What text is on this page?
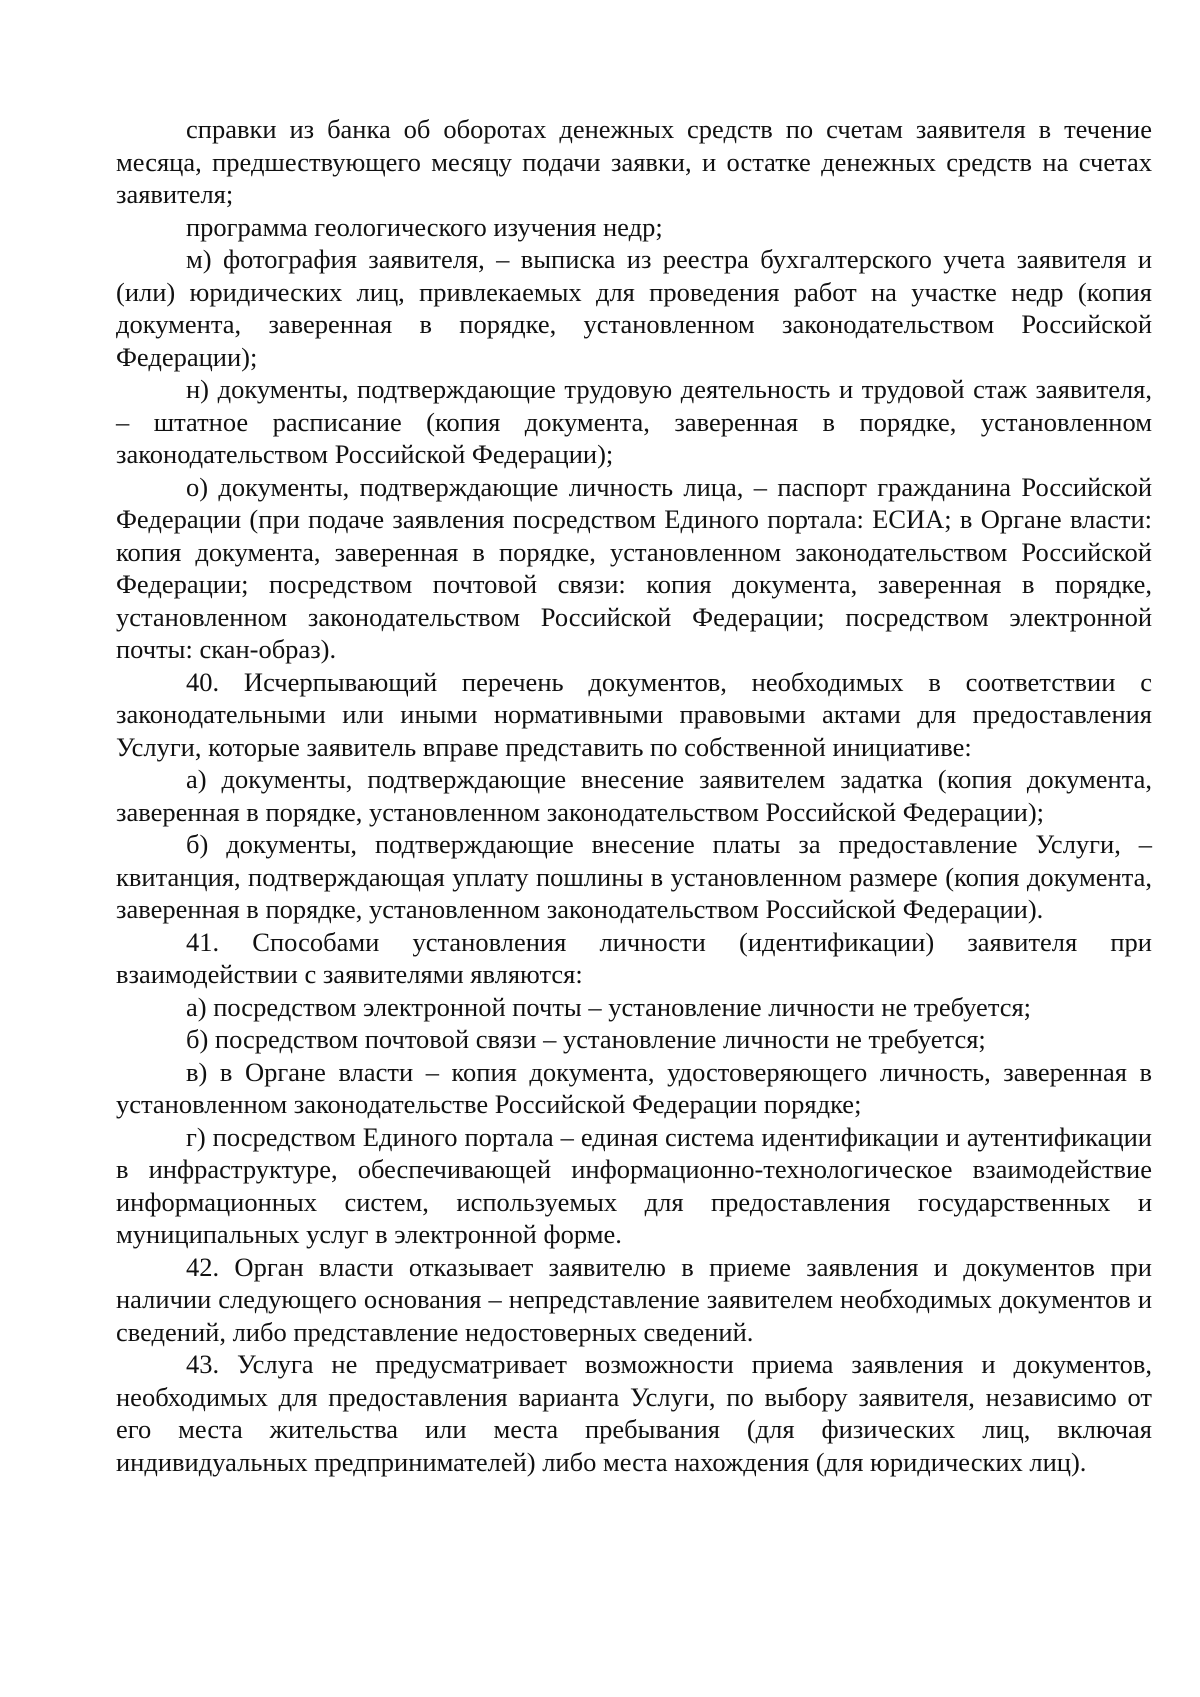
справки из банка об оборотах денежных средств по счетам заявителя в течение месяца, предшествующего месяцу подачи заявки, и остатке денежных средств на счетах заявителя;

программа геологического изучения недр;

м) фотография заявителя, – выписка из реестра бухгалтерского учета заявителя и (или) юридических лиц, привлекаемых для проведения работ на участке недр (копия документа, заверенная в порядке, установленном законодательством Российской Федерации);

н) документы, подтверждающие трудовую деятельность и трудовой стаж заявителя, – штатное расписание (копия документа, заверенная в порядке, установленном законодательством Российской Федерации);

о) документы, подтверждающие личность лица, – паспорт гражданина Российской Федерации (при подаче заявления посредством Единого портала: ЕСИА; в Органе власти: копия документа, заверенная в порядке, установленном законодательством Российской Федерации; посредством почтовой связи: копия документа, заверенная в порядке, установленном законодательством Российской Федерации; посредством электронной почты: скан-образ).

40. Исчерпывающий перечень документов, необходимых в соответствии с законодательными или иными нормативными правовыми актами для предоставления Услуги, которые заявитель вправе представить по собственной инициативе:

а) документы, подтверждающие внесение заявителем задатка (копия документа, заверенная в порядке, установленном законодательством Российской Федерации);

б) документы, подтверждающие внесение платы за предоставление Услуги, – квитанция, подтверждающая уплату пошлины в установленном размере (копия документа, заверенная в порядке, установленном законодательством Российской Федерации).

41. Способами установления личности (идентификации) заявителя при взаимодействии с заявителями являются:

а) посредством электронной почты – установление личности не требуется;

б) посредством почтовой связи – установление личности не требуется;

в) в Органе власти – копия документа, удостоверяющего личность, заверенная в установленном законодательстве Российской Федерации порядке;

г) посредством Единого портала – единая система идентификации и аутентификации в инфраструктуре, обеспечивающей информационно-технологическое взаимодействие информационных систем, используемых для предоставления государственных и муниципальных услуг в электронной форме.

42. Орган власти отказывает заявителю в приеме заявления и документов при наличии следующего основания – непредставление заявителем необходимых документов и сведений, либо представление недостоверных сведений.

43. Услуга не предусматривает возможности приема заявления и документов, необходимых для предоставления варианта Услуги, по выбору заявителя, независимо от его места жительства или места пребывания (для физических лиц, включая индивидуальных предпринимателей) либо места нахождения (для юридических лиц).
